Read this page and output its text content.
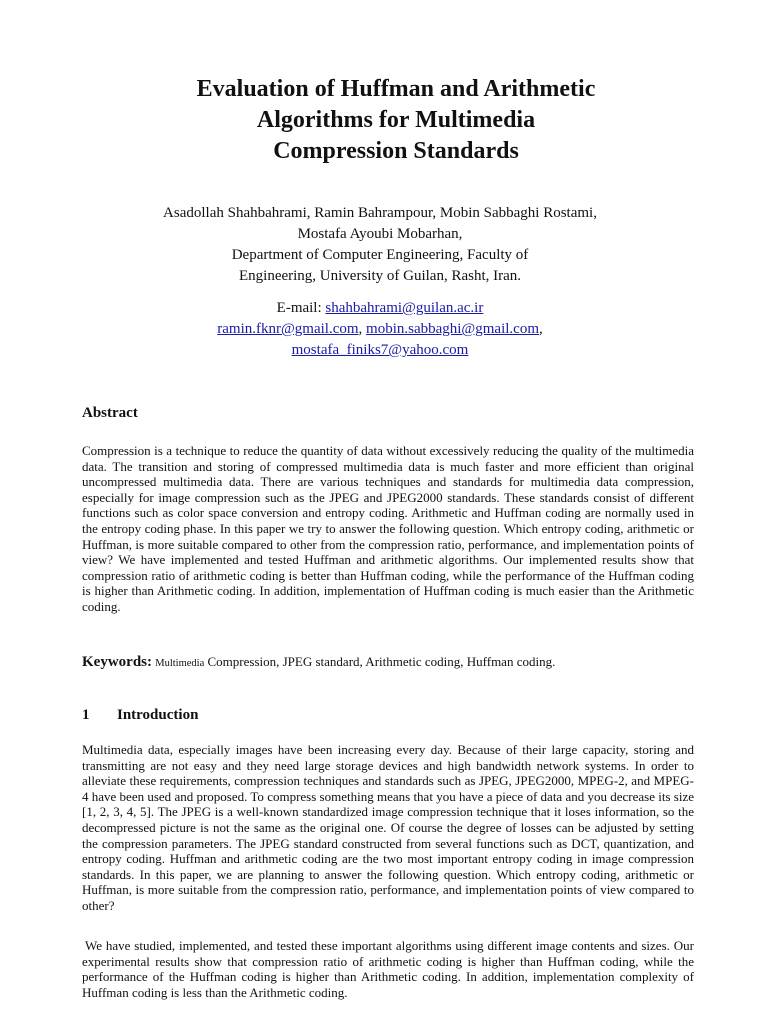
Evaluation of Huffman and Arithmetic
Algorithms for Multimedia
Compression Standards
Asadollah Shahbahrami, Ramin Bahrampour, Mobin Sabbaghi Rostami,
Mostafa Ayoubi Mobarhan,
Department of Computer Engineering, Faculty of
Engineering, University of Guilan, Rasht, Iran.
E-mail: shahbahrami@guilan.ac.ir
ramin.fknr@gmail.com, mobin.sabbaghi@gmail.com,
mostafa_finiks7@yahoo.com
Abstract

Compression is a technique to reduce the quantity of data without excessively reducing the quality of the multimedia data. The transition and storing of compressed multimedia data is much faster and more efficient than original uncompressed multimedia data. There are various techniques and standards for multimedia data compression, especially for image compression such as the JPEG and JPEG2000 standards. These standards consist of different functions such as color space conversion and entropy coding. Arithmetic and Huffman coding are normally used in the entropy coding phase. In this paper we try to answer the following question. Which entropy coding, arithmetic or Huffman, is more suitable compared to other from the compression ratio, performance, and implementation points of view? We have implemented and tested Huffman and arithmetic algorithms. Our implemented results show that compression ratio of arithmetic coding is better than Huffman coding, while the performance of the Huffman coding is higher than Arithmetic coding. In addition, implementation of Huffman coding is much easier than the Arithmetic coding.

Keywords: Multimedia Compression, JPEG standard, Arithmetic coding, Huffman coding.
1 Introduction

Multimedia data, especially images have been increasing every day. Because of their large capacity, storing and transmitting are not easy and they need large storage devices and high bandwidth network systems. In order to alleviate these requirements, compression techniques and standards such as JPEG, JPEG2000, MPEG-2, and MPEG-4 have been used and proposed. To compress something means that you have a piece of data and you decrease its size [1, 2, 3, 4, 5]. The JPEG is a well-known standardized image compression technique that it loses information, so the decompressed picture is not the same as the original one. Of course the degree of losses can be adjusted by setting the compression parameters. The JPEG standard constructed from several functions such as DCT, quantization, and entropy coding. Huffman and arithmetic coding are the two most important entropy coding in image compression standards. In this paper, we are planning to answer the following question. Which entropy coding, arithmetic or Huffman, is more suitable from the compression ratio, performance, and implementation points of view compared to other?

We have studied, implemented, and tested these important algorithms using different image contents and sizes. Our experimental results show that compression ratio of arithmetic coding is higher than Huffman coding, while the performance of the Huffman coding is higher than Arithmetic coding. In addition, implementation complexity of Huffman coding is less than the Arithmetic coding.
